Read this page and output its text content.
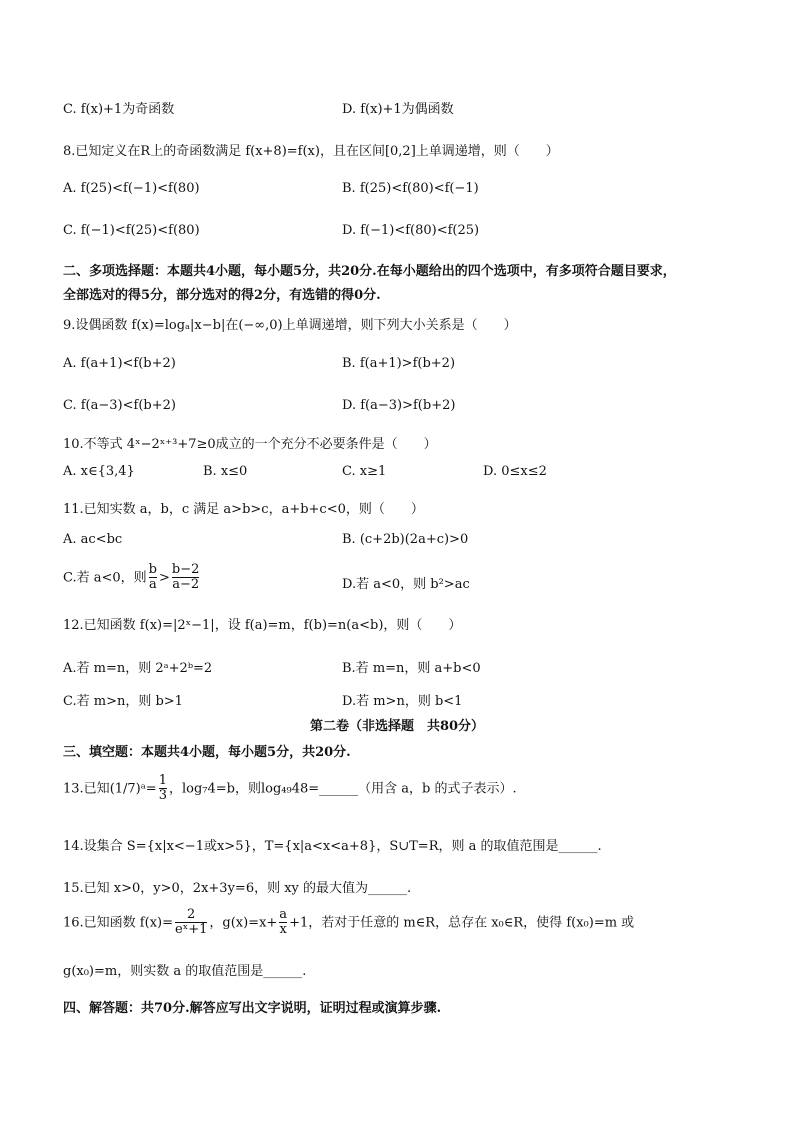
C. f(x)+1为奇函数	D. f(x)+1为偶函数
8.已知定义在R上的奇函数满足 f(x+8)=f(x)，且在区间[0,2]上单调递增，则（　　）
A. f(25)<f(−1)<f(80)	B. f(25)<f(80)<f(−1)
C. f(−1)<f(25)<f(80)	D. f(−1)<f(80)<f(25)
二、多项选择题：本题共4小题，每小题5分，共20分.在每小题给出的四个选项中，有多项符合题目要求，
全部选对的得5分，部分选对的得2分，有选错的得0分.
9.设偶函数 f(x)=logₐ|x−b|在(−∞,0)上单调递增，则下列大小关系是（　　）
A. f(a+1)<f(b+2)	B. f(a+1)>f(b+2)
C. f(a−3)<f(b+2)	D. f(a−3)>f(b+2)
10.不等式 4ˣ−2ˣ⁺³+7≥0成立的一个充分不必要条件是（　　）
A. x∈{3,4}	B. x≤0	C. x≥1	D. 0≤x≤2
11.已知实数 a，b，c 满足 a>b>c，a+b+c<0，则（　　）
A. ac<bc	B. (c+2b)(2a+c)>0
C.若 a<0，则 $\frac{b}{a} > \frac{b-2}{a-2}$	D.若 a<0，则 b²>ac
12.已知函数 f(x)=|2ˣ−1|，设 f(a)=m，f(b)=n(a<b)，则（　　）
A.若 m=n，则 2ᵃ+2ᵇ=2	B.若 m=n，则 a+b<0
C.若 m>n，则 b>1	D.若 m>n，则 b<1
第二卷（非选择题　共80分）
三、填空题：本题共4小题，每小题5分，共20分.
13.已知(1/7)ᵃ= $\frac{1}{3}$ ，log₇4=b，则log₄₉48=______（用含 a，b 的式子表示）.
14.设集合 S={x|x<−1或x>5}，T={x|a<x<a+8}，S∪T=R，则 a 的取值范围是______.
15.已知 x>0，y>0，2x+3y=6，则 xy 的最大值为______.
16.已知函数 $f(x)= \frac{2}{\text{eˣ+1}}$ ，$g(x)=x+ \frac{a}{x} +1$，若对于任意的 m∈R，总存在 x₀∈R，使得 f(x₀)=m 或
g(x₀)=m，则实数 a 的取值范围是______.
四、解答题：共70分.解答应写出文字说明，证明过程或演算步骤.
